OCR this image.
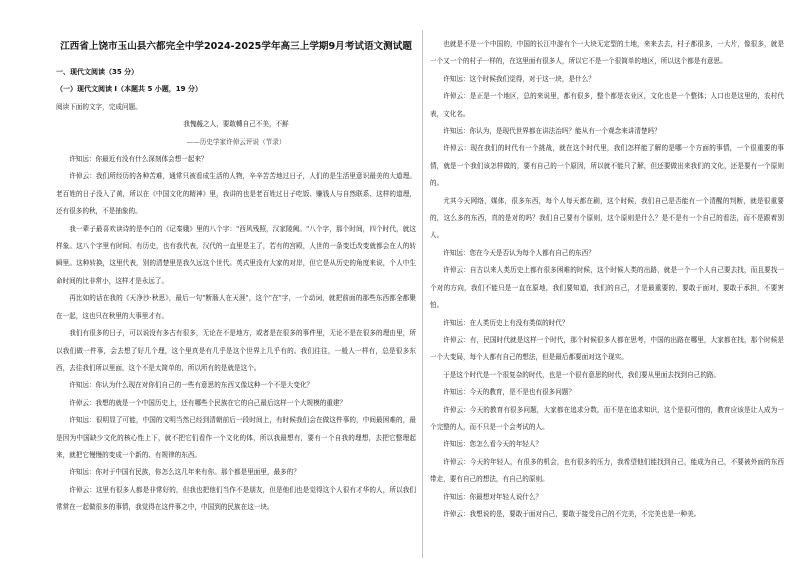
江西省上饶市玉山县六都完全中学2024-2025学年高三上学期9月考试语文测试题
一、现代文阅读（35 分）
（一）现代文阅读 I（本题共 5 小题，19 分）

阅读下面的文字，完成问题。

我愧赧之人，要敢轉自己不美，不鮮

——历史学家许倬云评说（节录）

许知远：你最近有没有什么深刻体会想一起来？

许倬云：我们所经历的各种苦难，通常只被看成生活的人物，辛辛苦苦地过日子，人们的是生活里意识最美的大道理。老百姓的日子没入了黄，所以在《中国文化的精神》里，我讲的也是老百姓过日子吃饭、赚钱人与自然联系、这样的道理，还有很多的秋，不是抽象的。

我一辈子最喜欢读诗的是李白的《记秦娥》里的八个字："西风残照，汉家陵阙。"八个字，那个时间，四个时代，就这样象。这八个字里有时间、有历史，也有我代表，汉代的一直里是主了，若有的宫殿，人世的一条变迁改变就都会在人的转瞬里。这种转换，这里代表，别的清楚里是我久远这个世代。英式里没有大家的对岸，但它是从历史的角度来说，个人中生命时间的比非常小，这样才是永远了。

再比如的话在我的《天净沙·秋思》，最后一句"断肠人在天涯"，这个"在"字，一个动词，就把前面的那些东西都全都聚在一起，这也只在秋里的大事里才有。

我们有很多的日子，可以说没有多古有很多，无论在不是地方，或者是在很多的事件里，无论不是在很多的理由里，所以我们做一件事，会去想了好几个理，这个里真是有几乎是这个世界上几乎有的。我们往往，一般人一样有，总是很多东西，去往我们所以里面，这个不是太简单的，所以所有的是就是这个。

许知远：你认为什么现在对你们自己的一些有意思的东西又像这种一个不是大变化？

许倬云：我想的就是一个中国历史上，还有哪些个民族在它的自己最后这样一个大规模的重建？

许知远：很明显了可能，中国的文明当然已经到清朝前后一段时间上，有时候我们会在做这件事的，中间最困难的，最是因为中国缺少文化的核心性上下，就不把它们看作一个文化的体，所以我最想有，要有一个自我的理想，去把它整理起来，就把它慢慢的变成一个新的、有规律的东西。

许知远：你对于中国有民族，你怎么这几年来有你。那个都是里面里，最多的？

许倬云：这里有很多人都是非常好的，但我也把他们当作不是朋友，但是他们也是觉得这个人很有才华的人，所以我们常常在一起做很多的事情，我觉得在这件事之中，中国到的民族在这一块。

也就是不是一个中国的，中国的长江中游有个一大块无定型的土地，来来去去，村子都很多，一大片，像很多，就是一个又一个的村子一样的，在这里面有很多人，所以它不是一个很简单的地区，所以这个都是有意思。

许知远：这个时候我们觉得，对于这一块，是什么？

许倬云：是正是一个地区，总的来说里，都有很多，整个都是农业区，文化也是一个整体；人口也是这里的，农村代表，文化名。

许知远：你认为，是现代世界都在讲法治吗？能从有一个观念来讲清楚吗？

许倬云：现在我们的时代有一个挑战，就在这个时代里，我们怎样能了解的是哪一个方面的事情，一个很重要的事情，就是一个我们该怎样做的，要有自己的一个原因，所以就不能只了解，但还要做出来我们的文化，还是要有一个原则的。

尤其今天网络，媒体，很多东西，每个人每天都在刷，这个时候，我们自己是否能有一个清醒的判断，就是很重要的，这么多的东西，真的是对的吗？我们自己要有个原则，这个原则是什么？是不是有一个自己的看法，而不是跟着别人。

许知远：您在今天是否认为每个人都有自己的东西？

许倬云：自古以来人类历史上都有很多困难的时候，这个时候人类的出路，就是一个一个人自己要去找，而且要找一个对的方向，我们不能只是一直在原地，我们要知道，我们的自己，才是最重要的，要敢于面对，要敢于承担，不要害怕。

许知远：在人类历史上有没有类似的时代？

许倬云：有，民国时代就是这样一个时代，那个时候很多人都在思考，中国的出路在哪里，大家都在找，那个时候是一个大变局，每个人都有自己的想法，但是最后都要面对这个现实。

于是这个时代是一个很复杂的时代，也是一个很有意思的时代，我们要从里面去找到自己的路。

许知远：今天的教育，是不是也有很多问题？

许倬云：今天的教育有很多问题，大家都在追求分数，而不是在追求知识，这个是很可惜的，教育应该是让人成为一个完整的人，而不只是一个会考试的人。

许知远：您怎么看今天的年轻人？

许倬云：今天的年轻人，有很多的机会，也有很多的压力，我希望他们能找到自己，能成为自己，不要被外面的东西带走，要有自己的想法，有自己的原则。

许知远：你最想对年轻人说什么？

许倬云：我想说的是，要敢于面对自己，要敢于接受自己的不完美，不完美也是一种美。
